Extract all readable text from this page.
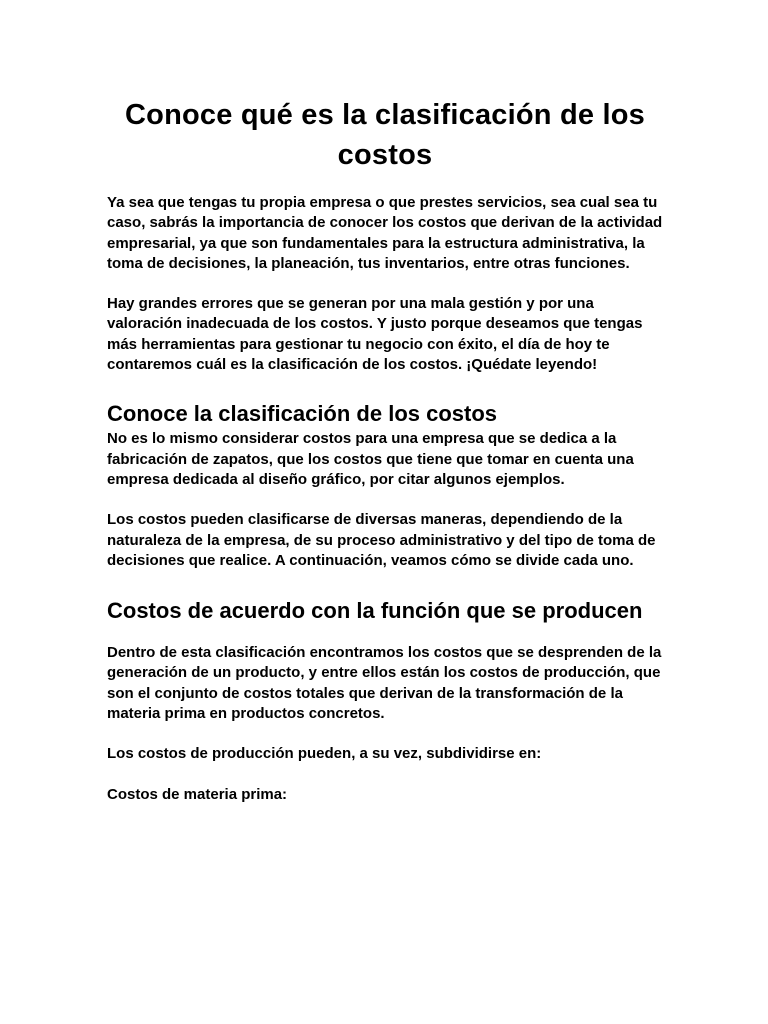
Conoce qué es la clasificación de los costos

Ya sea que tengas tu propia empresa o que prestes servicios, sea cual sea tu caso, sabrás la importancia de conocer los costos que derivan de la actividad empresarial, ya que son fundamentales para la estructura administrativa, la toma de decisiones, la planeación, tus inventarios, entre otras funciones.

Hay grandes errores que se generan por una mala gestión y por una valoración inadecuada de los costos. Y justo porque deseamos que tengas más herramientas para gestionar tu negocio con éxito, el día de hoy te contaremos cuál es la clasificación de los costos. ¡Quédate leyendo!

Conoce la clasificación de los costos

No es lo mismo considerar costos para una empresa que se dedica a la fabricación de zapatos, que los costos que tiene que tomar en cuenta una empresa dedicada al diseño gráfico, por citar algunos ejemplos.

Los costos pueden clasificarse de diversas maneras, dependiendo de la naturaleza de la empresa, de su proceso administrativo y del tipo de toma de decisiones que realice. A continuación, veamos cómo se divide cada uno.

Costos de acuerdo con la función que se producen

Dentro de esta clasificación encontramos los costos que se desprenden de la generación de un producto, y entre ellos están los costos de producción, que son el conjunto de costos totales que derivan de la transformación de la materia prima en productos concretos.

Los costos de producción pueden, a su vez, subdividirse en:

Costos de materia prima:
